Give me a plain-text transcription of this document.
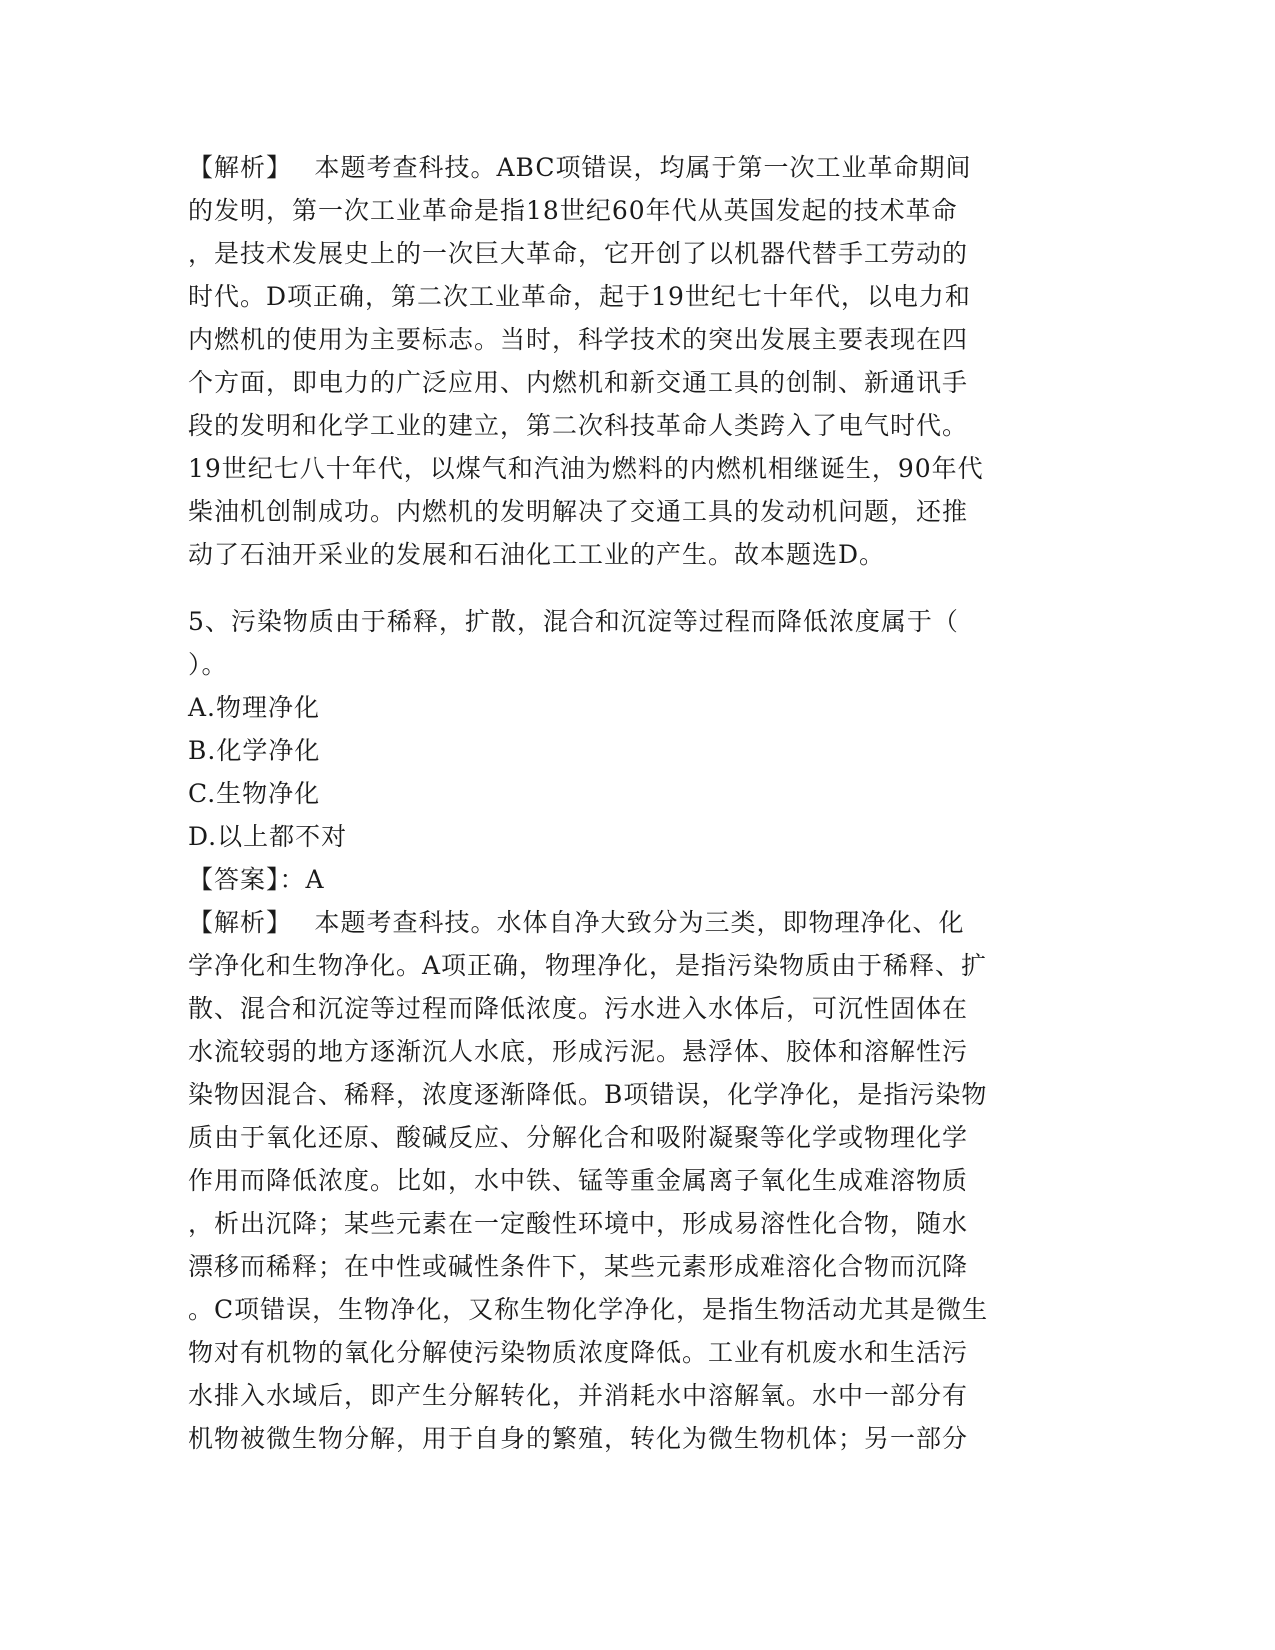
【解析】　 本题考查科技。ABC项错误，均属于第一次工业革命期间
的发明，第一次工业革命是指18世纪60年代从英国发起的技术革命
，是技术发展史上的一次巨大革命，它开创了以机器代替手工劳动的
时代。D项正确，第二次工业革命，起于19世纪七十年代，以电力和
内燃机的使用为主要标志。当时，科学技术的突出发展主要表现在四
个方面，即电力的广泛应用、内燃机和新交通工具的创制、新通讯手
段的发明和化学工业的建立，第二次科技革命人类跨入了电气时代。
19世纪七八十年代，以煤气和汽油为燃料的内燃机相继诞生，90年代
柴油机创制成功。内燃机的发明解决了交通工具的发动机问题，还推
动了石油开采业的发展和石油化工工业的产生。故本题选D。
5、污染物质由于稀释，扩散，混合和沉淀等过程而降低浓度属于（
）。
A.物理净化
B.化学净化
C.生物净化
D.以上都不对
【答案】：A
【解析】　 本题考查科技。水体自净大致分为三类，即物理净化、化
学净化和生物净化。A项正确，物理净化，是指污染物质由于稀释、扩
散、混合和沉淀等过程而降低浓度。污水进入水体后，可沉性固体在
水流较弱的地方逐渐沉人水底，形成污泥。悬浮体、胶体和溶解性污
染物因混合、稀释，浓度逐渐降低。B项错误，化学净化，是指污染物
质由于氧化还原、酸碱反应、分解化合和吸附凝聚等化学或物理化学
作用而降低浓度。比如，水中铁、锰等重金属离子氧化生成难溶物质
，析出沉降；某些元素在一定酸性环境中，形成易溶性化合物，随水
漂移而稀释；在中性或碱性条件下，某些元素形成难溶化合物而沉降
。C项错误，生物净化，又称生物化学净化，是指生物活动尤其是微生
物对有机物的氧化分解使污染物质浓度降低。工业有机废水和生活污
水排入水域后，即产生分解转化，并消耗水中溶解氧。水中一部分有
机物被微生物分解，用于自身的繁殖，转化为微生物机体；另一部分
